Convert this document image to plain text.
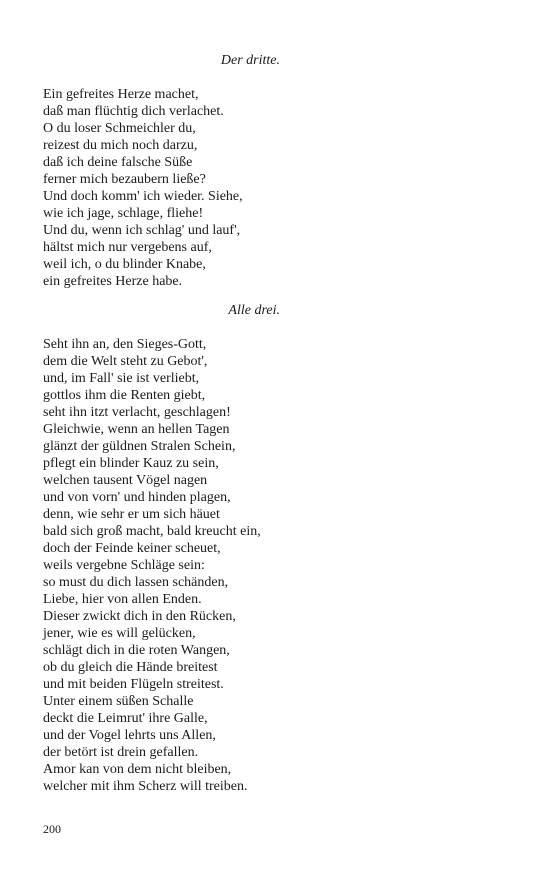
Der dritte.
Ein gefreites Herze machet,
daß man flüchtig dich verlachet.
O du loser Schmeichler du,
reizest du mich noch darzu,
daß ich deine falsche Süße
ferner mich bezaubern ließe?
Und doch komm' ich wieder. Siehe,
wie ich jage, schlage, fliehe!
Und du, wenn ich schlag' und lauf',
hältst mich nur vergebens auf,
weil ich, o du blinder Knabe,
ein gefreites Herze habe.
Alle drei.
Seht ihn an, den Sieges-Gott,
dem die Welt steht zu Gebot',
und, im Fall' sie ist verliebt,
gottlos ihm die Renten giebt,
seht ihn itzt verlacht, geschlagen!
Gleichwie, wenn an hellen Tagen
glänzt der güldnen Stralen Schein,
pflegt ein blinder Kauz zu sein,
welchen tausent Vögel nagen
und von vorn' und hinden plagen,
denn, wie sehr er um sich häuet
bald sich groß macht, bald kreucht ein,
doch der Feinde keiner scheuet,
weils vergebne Schläge sein:
so must du dich lassen schänden,
Liebe, hier von allen Enden.
Dieser zwickt dich in den Rücken,
jener, wie es will gelücken,
schlägt dich in die roten Wangen,
ob du gleich die Hände breitest
und mit beiden Flügeln streitest.
Unter einem süßen Schalle
deckt die Leimrut' ihre Galle,
und der Vogel lehrts uns Allen,
der betört ist drein gefallen.
Amor kan von dem nicht bleiben,
welcher mit ihm Scherz will treiben.
200
